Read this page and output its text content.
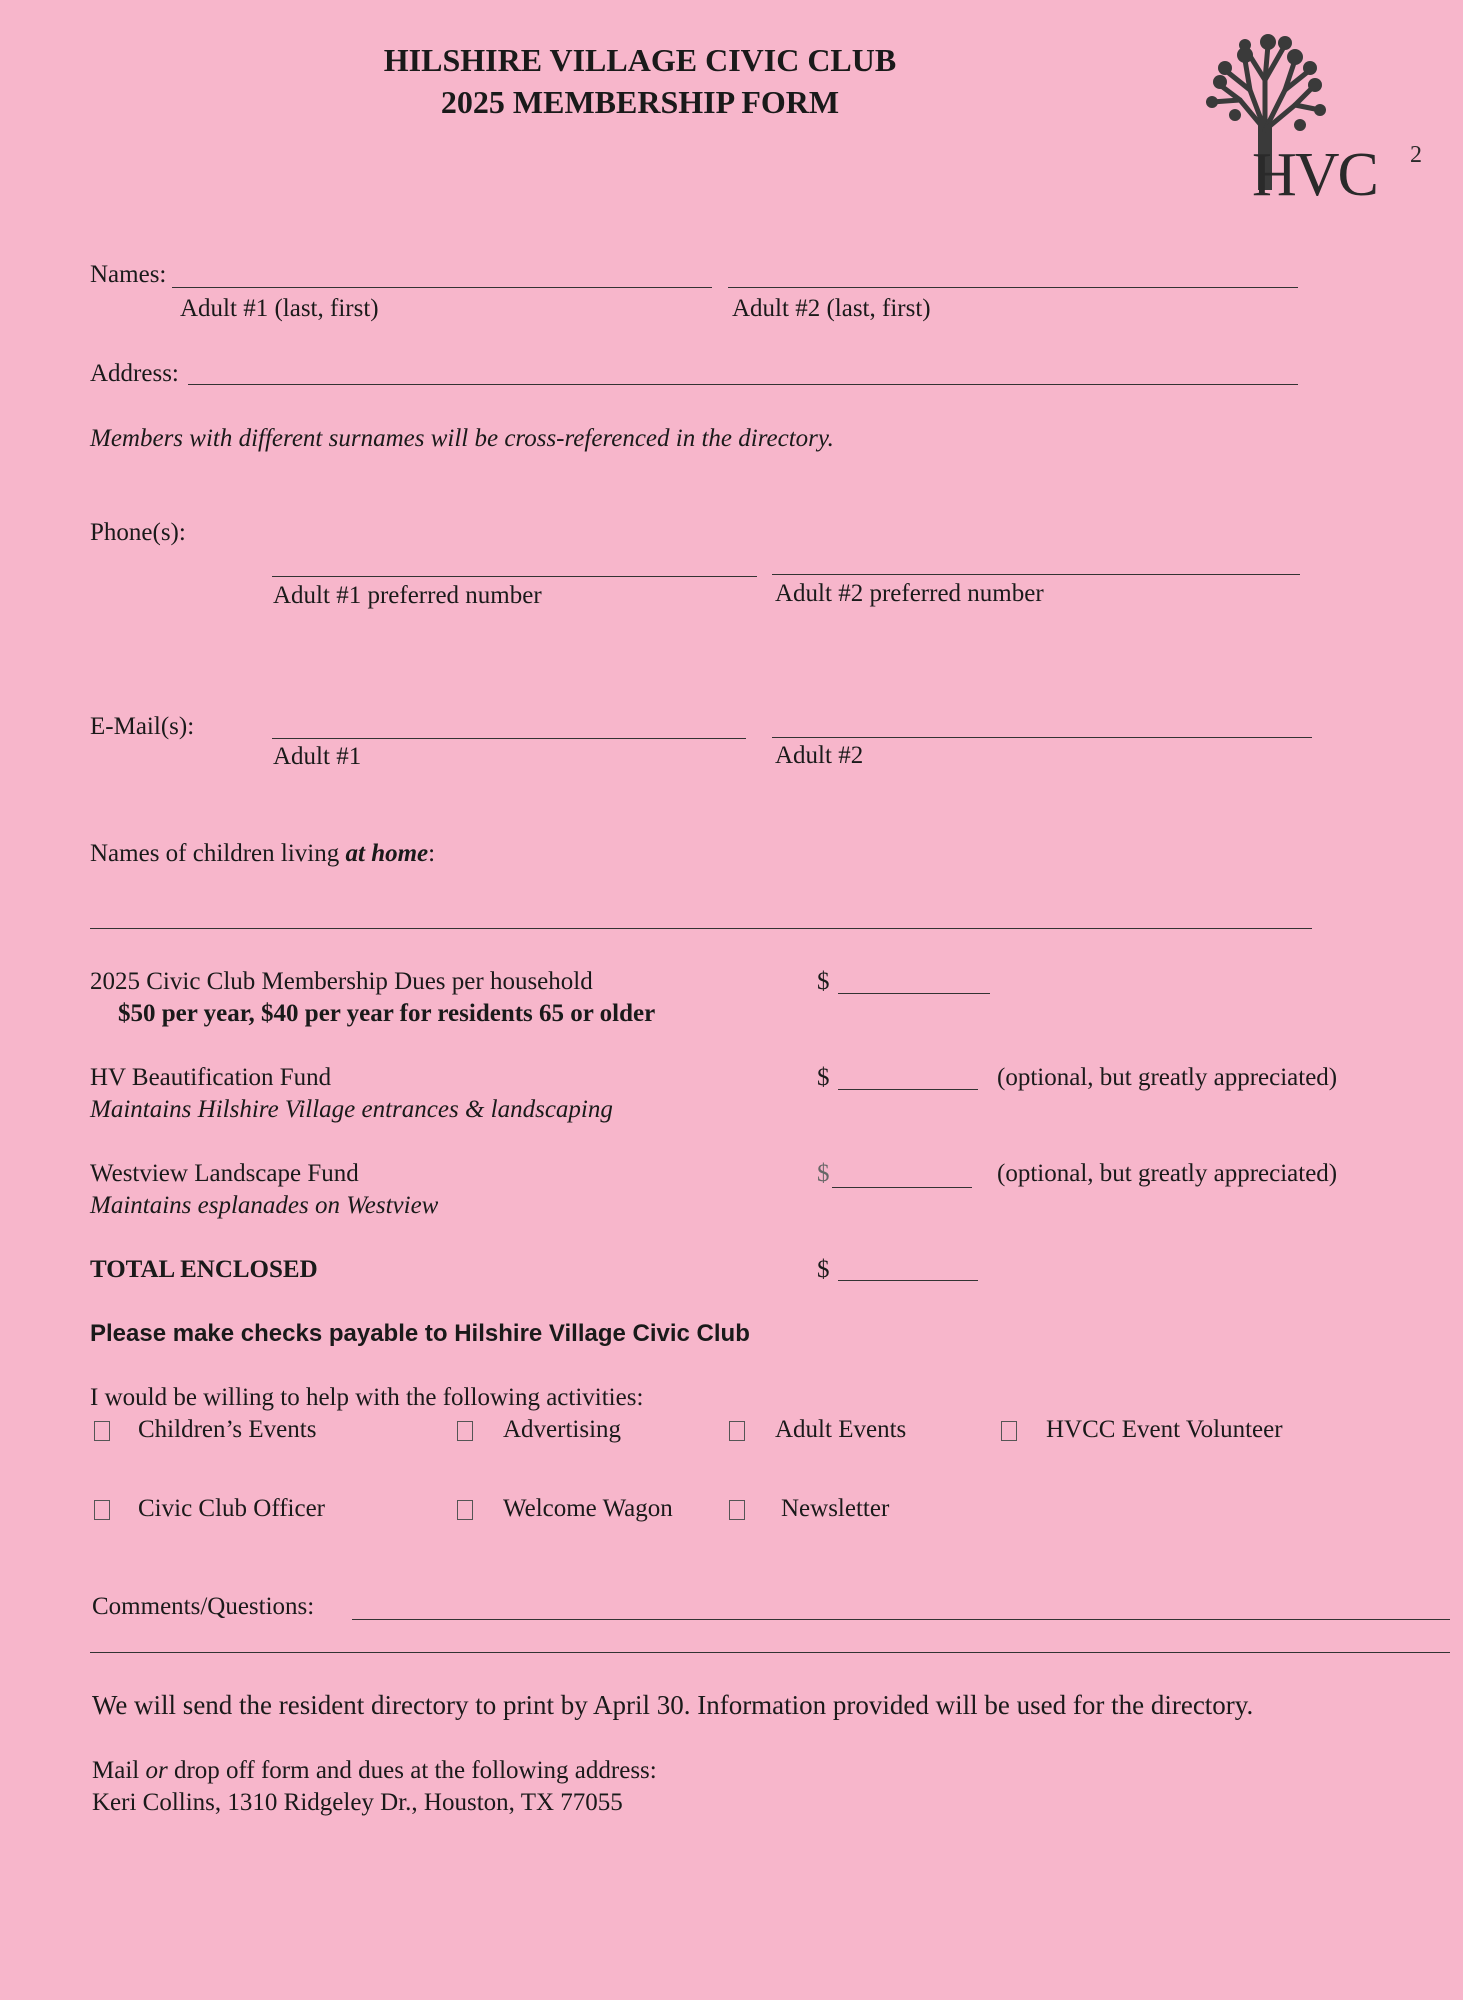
HILSHIRE VILLAGE CIVIC CLUB
2025 MEMBERSHIP FORM
HVC 2
Names:
Adult #1 (last, first)	Adult #2 (last, first)
Address:
Members with different surnames will be cross-referenced in the directory.
Phone(s):
Adult #1 preferred number	Adult #2 preferred number
E-Mail(s):
Adult #1	Adult #2
Names of children living at home:
2025 Civic Club Membership Dues per household
$50 per year, $40 per year for residents 65 or older
$
HV Beautification Fund
Maintains Hilshire Village entrances & landscaping
$	(optional, but greatly appreciated)
Westview Landscape Fund
Maintains esplanades on Westview
$	(optional, but greatly appreciated)
TOTAL ENCLOSED	$
Please make checks payable to Hilshire Village Civic Club
I would be willing to help with the following activities:
Children’s Events	Advertising	Adult Events	HVCC Event Volunteer
Civic Club Officer	Welcome Wagon	Newsletter
Comments/Questions:
We will send the resident directory to print by April 30. Information provided will be used for the directory.
Mail or drop off form and dues at the following address:
Keri Collins, 1310 Ridgeley Dr., Houston, TX 77055
